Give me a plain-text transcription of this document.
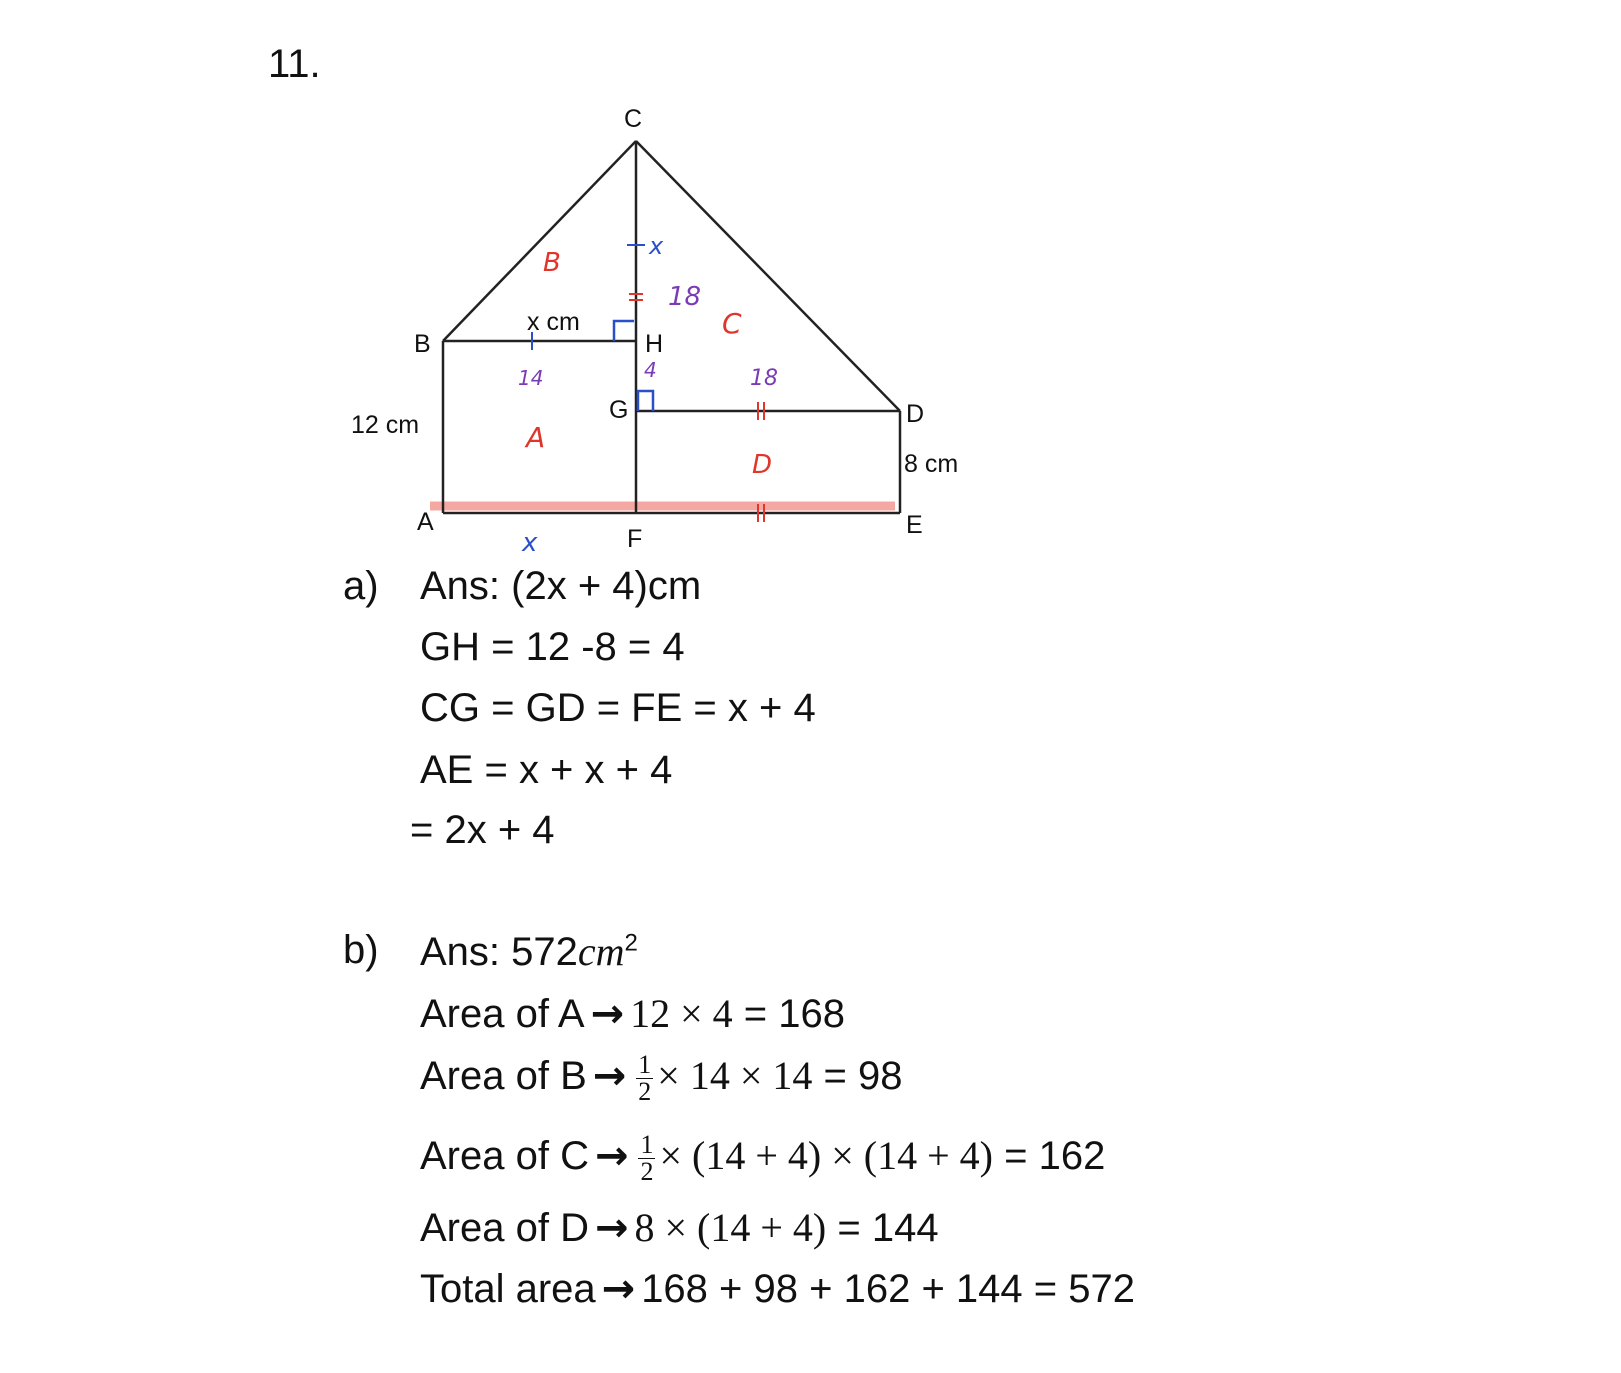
11.
C
B	H
G	D
A
F	E
12 cm
8 cm
x cm
B
A
C
D
x
x
14	4
18
18
a) Ans: (2x + 4)cm
GH = 12 -8 = 4
CG = GD = FE = x + 4
AE = x + x + 4
= 2x + 4
b) Ans: $572cm^2$
Area of A → 12 × 4 = 168
Area of $B \to \frac{1}{2} \times 14 \times 14 = 98$
Area of $C \to \frac{1}{2} \times (14 + 4) \times (14 + 4) = 162$
Area of D → 8 × (14 + 4) = 144
Total area → 168 + 98 + 162 + 144 = 572
